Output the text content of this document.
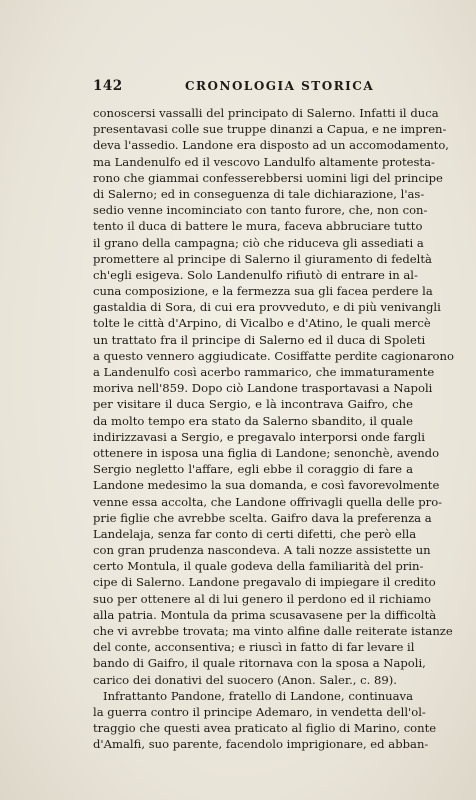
142	CRONOLOGIA STORICA
conoscersi vassalli del principato di Salerno. Infatti il duca
presentavasi colle sue truppe dinanzi a Capua, e ne impren-
deva l'assedio. Landone era disposto ad un accomodamento,
ma Landenulfo ed il vescovo Landulfo altamente protesta-
rono che giammai confesserebbersi uomini ligi del principe
di Salerno; ed in conseguenza di tale dichiarazione, l'as-
sedio venne incominciato con tanto furore, che, non con-
tento il duca di battere le mura, faceva abbruciare tutto
il grano della campagna; ciò che riduceva gli assediati a
promettere al principe di Salerno il giuramento di fedeltà
ch'egli esigeva. Solo Landenulfo rifiutò di entrare in al-
cuna composizione, e la fermezza sua gli facea perdere la
gastaldia di Sora, di cui era provveduto, e di più venivangli
tolte le città d'Arpino, di Vicalbo e d'Atino, le quali mercè
un trattato fra il principe di Salerno ed il duca di Spoleti
a questo vennero aggiudicate. Cosiffatte perdite cagionarono
a Landenulfo così acerbo rammarico, che immaturamente
moriva nell'859. Dopo ciò Landone trasportavasi a Napoli
per visitare il duca Sergio, e là incontrava Gaifro, che
da molto tempo era stato da Salerno sbandito, il quale
indirizzavasi a Sergio, e pregavalo interporsi onde fargli
ottenere in isposa una figlia di Landone; senonchè, avendo
Sergio negletto l'affare, egli ebbe il coraggio di fare a
Landone medesimo la sua domanda, e così favorevolmente
venne essa accolta, che Landone offrivagli quella delle pro-
prie figlie che avrebbe scelta. Gaifro dava la preferenza a
Landelaja, senza far conto di certi difetti, che però ella
con gran prudenza nascondeva. A tali nozze assistette un
certo Montula, il quale godeva della familiarità del prin-
cipe di Salerno. Landone pregavalo di impiegare il credito
suo per ottenere al di lui genero il perdono ed il richiamo
alla patria. Montula da prima scusavasene per la difficoltà
che vi avrebbe trovata; ma vinto alfine dalle reiterate istanze
del conte, acconsentiva; e riuscì in fatto di far levare il
bando di Gaifro, il quale ritornava con la sposa a Napoli,
carico dei donativi del suocero (Anon. Saler., c. 89).
Infrattanto Pandone, fratello di Landone, continuava
la guerra contro il principe Ademaro, in vendetta dell'ol-
traggio che questi avea praticato al figlio di Marino, conte
d'Amalfi, suo parente, facendolo imprigionare, ed abban-
